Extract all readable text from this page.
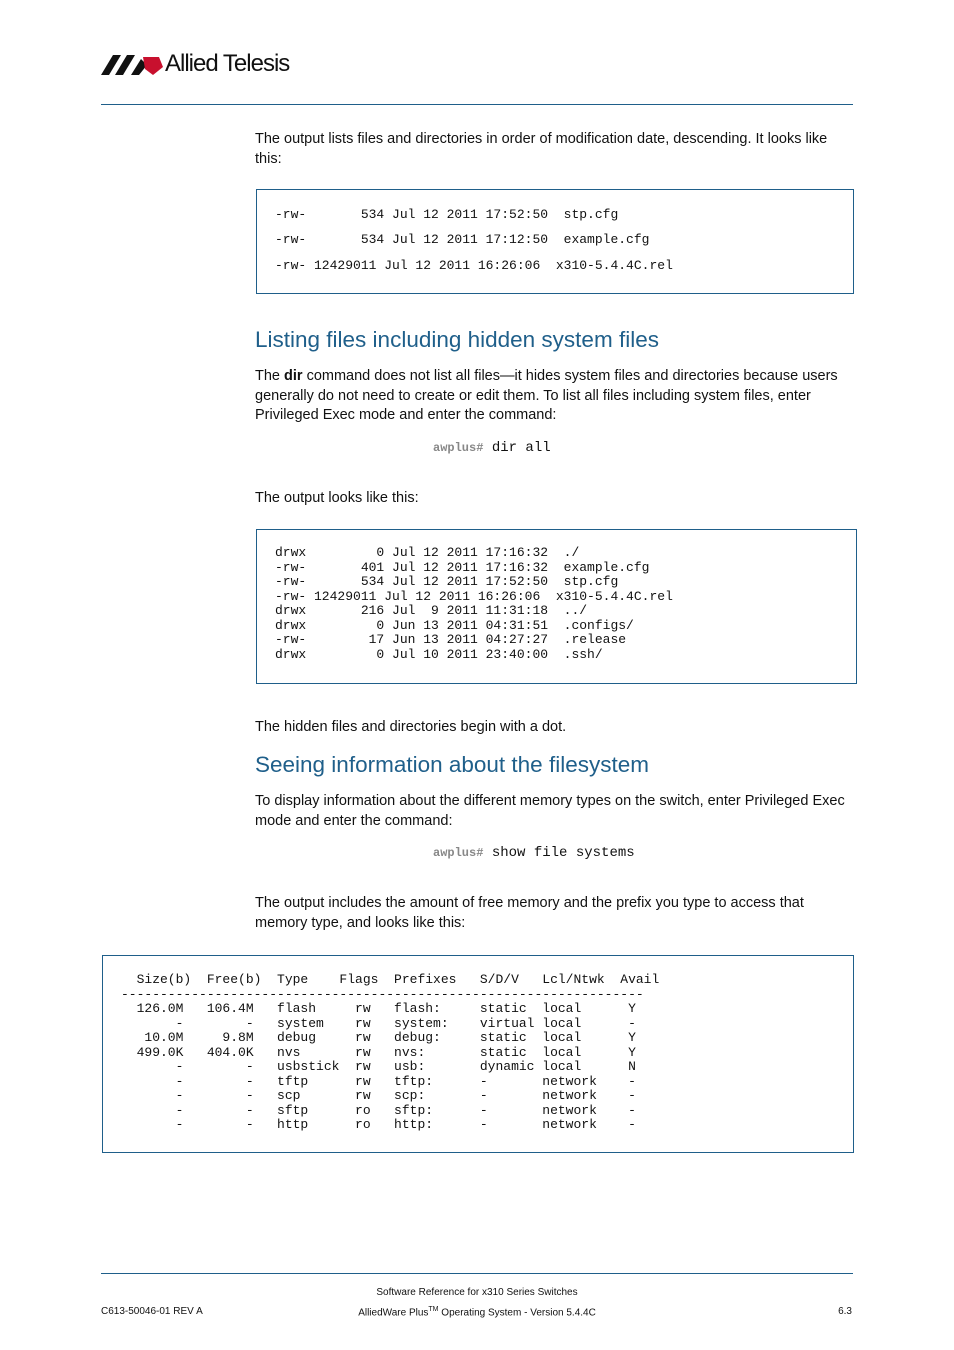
Allied Telesis
The output lists files and directories in order of modification date, descending. It looks like this:
-rw-       534 Jul 12 2011 17:52:50  stp.cfg
-rw-       534 Jul 12 2011 17:12:50  example.cfg
-rw- 12429011 Jul 12 2011 16:26:06  x310-5.4.4C.rel
Listing files including hidden system files
The dir command does not list all files—it hides system files and directories because users generally do not need to create or edit them. To list all files including system files, enter Privileged Exec mode and enter the command:
awplus# dir all
The output looks like this:
drwx         0 Jul 12 2011 17:16:32  ./
-rw-       401 Jul 12 2011 17:16:32  example.cfg
-rw-       534 Jul 12 2011 17:52:50  stp.cfg
-rw- 12429011 Jul 12 2011 16:26:06  x310-5.4.4C.rel
drwx       216 Jul  9 2011 11:31:18  ../
drwx         0 Jun 13 2011 04:31:51  .configs/
-rw-        17 Jun 13 2011 04:27:27  .release
drwx         0 Jul 10 2011 23:40:00  .ssh/
The hidden files and directories begin with a dot.
Seeing information about the filesystem
To display information about the different memory types on the switch, enter Privileged Exec mode and enter the command:
awplus# show file systems
The output includes the amount of free memory and the prefix you type to access that memory type, and looks like this:
Size(b)  Free(b)  Type    Flags  Prefixes   S/D/V   Lcl/Ntwk  Avail
-------------------------------------------------------------------
126.0M   106.4M   flash     rw   flash:     static  local      Y
-        -   system    rw   system:    virtual local      -
10.0M     9.8M   debug     rw   debug:     static  local      Y
499.0K   404.0K   nvs       rw   nvs:       static  local      Y
-        -   usbstick  rw   usb:       dynamic local      N
-        -   tftp      rw   tftp:      -       network    -
-        -   scp       rw   scp:       -       network    -
-        -   sftp      ro   sftp:      -       network    -
-        -   http      ro   http:      -       network    -
C613-50046-01 REV A
Software Reference for x310 Series Switches
AlliedWare Plus™ Operating System - Version 5.4.4C	6.3
